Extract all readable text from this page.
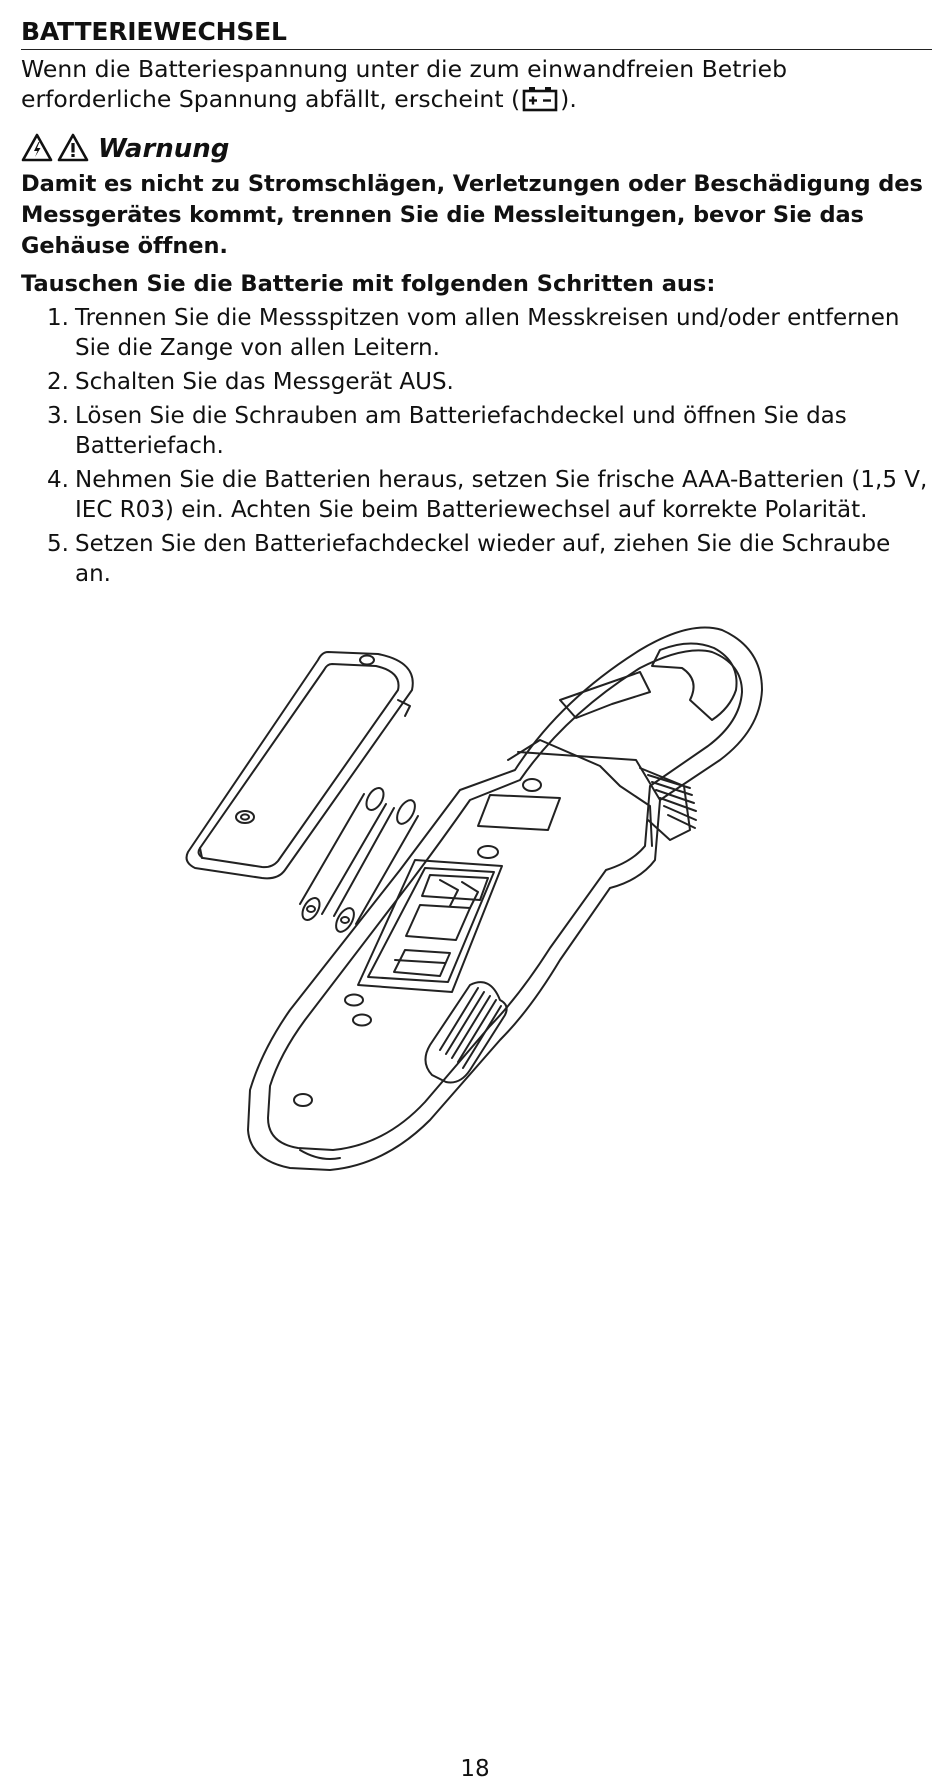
BATTERIEWECHSEL
Wenn die Batteriespannung unter die zum einwandfreien Betrieb erforderliche Spannung abfällt, erscheint ( ).
Warnung
Damit es nicht zu Stromschlägen, Verletzungen oder Beschädigung des Messgerätes kommt, trennen Sie die Messleitungen, bevor Sie das Gehäuse öffnen.
Tauschen Sie die Batterie mit folgenden Schritten aus:
1. Trennen Sie die Messspitzen vom allen Messkreisen und/oder entfernen Sie die Zange von allen Leitern.
2. Schalten Sie das Messgerät AUS.
3. Lösen Sie die Schrauben am Batteriefachdeckel und öffnen Sie das Batteriefach.
4. Nehmen Sie die Batterien heraus, setzen Sie frische AAA-Batterien (1,5 V, IEC R03) ein. Achten Sie beim Batteriewechsel auf korrekte Polarität.
5. Setzen Sie den Batteriefachdeckel wieder auf, ziehen Sie die Schraube an.
18
